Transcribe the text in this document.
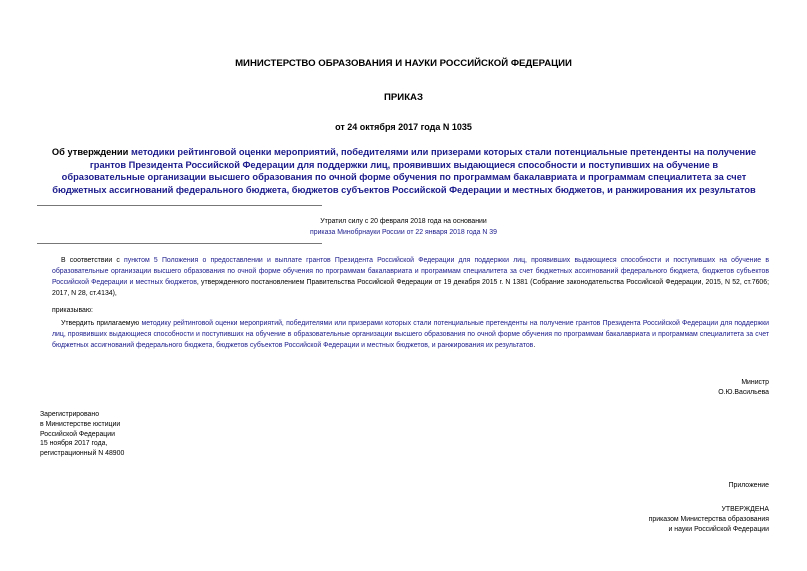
МИНИСТЕРСТВО ОБРАЗОВАНИЯ И НАУКИ РОССИЙСКОЙ ФЕДЕРАЦИИ
ПРИКАЗ
от 24 октября 2017 года N 1035
Об утверждении методики рейтинговой оценки мероприятий, победителями или призерами которых стали потенциальные претенденты на получение грантов Президента Российской Федерации для поддержки лиц, проявивших выдающиеся способности и поступивших на обучение в образовательные организации высшего образования по очной форме обучения по программам бакалавриата и программам специалитета за счет бюджетных ассигнований федерального бюджета, бюджетов субъектов Российской Федерации и местных бюджетов, и ранжирования их результатов
Утратил силу с 20 февраля 2018 года на основании
приказа Минобрнауки России от 22 января 2018 года N 39
В соответствии с пунктом 5 Положения о предоставлении и выплате грантов Президента Российской Федерации для поддержки лиц, проявивших выдающиеся способности и поступивших на обучение в образовательные организации высшего образования по очной форме обучения по программам бакалавриата и программам специалитета за счет бюджетных ассигнований федерального бюджета, бюджетов субъектов Российской Федерации и местных бюджетов, утвержденного постановлением Правительства Российской Федерации от 19 декабря 2015 г. N 1381 (Собрание законодательства Российской Федерации, 2015, N 52, ст.7606; 2017, N 28, ст.4134),
приказываю:
Утвердить прилагаемую методику рейтинговой оценки мероприятий, победителями или призерами которых стали потенциальные претенденты на получение грантов Президента Российской Федерации для поддержки лиц, проявивших выдающиеся способности и поступивших на обучение в образовательные организации высшего образования по очной форме обучения по программам бакалавриата и программам специалитета за счет бюджетных ассигнований федерального бюджета, бюджетов субъектов Российской Федерации и местных бюджетов, и ранжирования их результатов.
Министр
О.Ю.Васильева
Зарегистрировано
в Министерстве юстиции
Российской Федерации
15 ноября 2017 года,
регистрационный N 48900
Приложение
УТВЕРЖДЕНА
приказом Министерства образования
и науки Российской Федерации
